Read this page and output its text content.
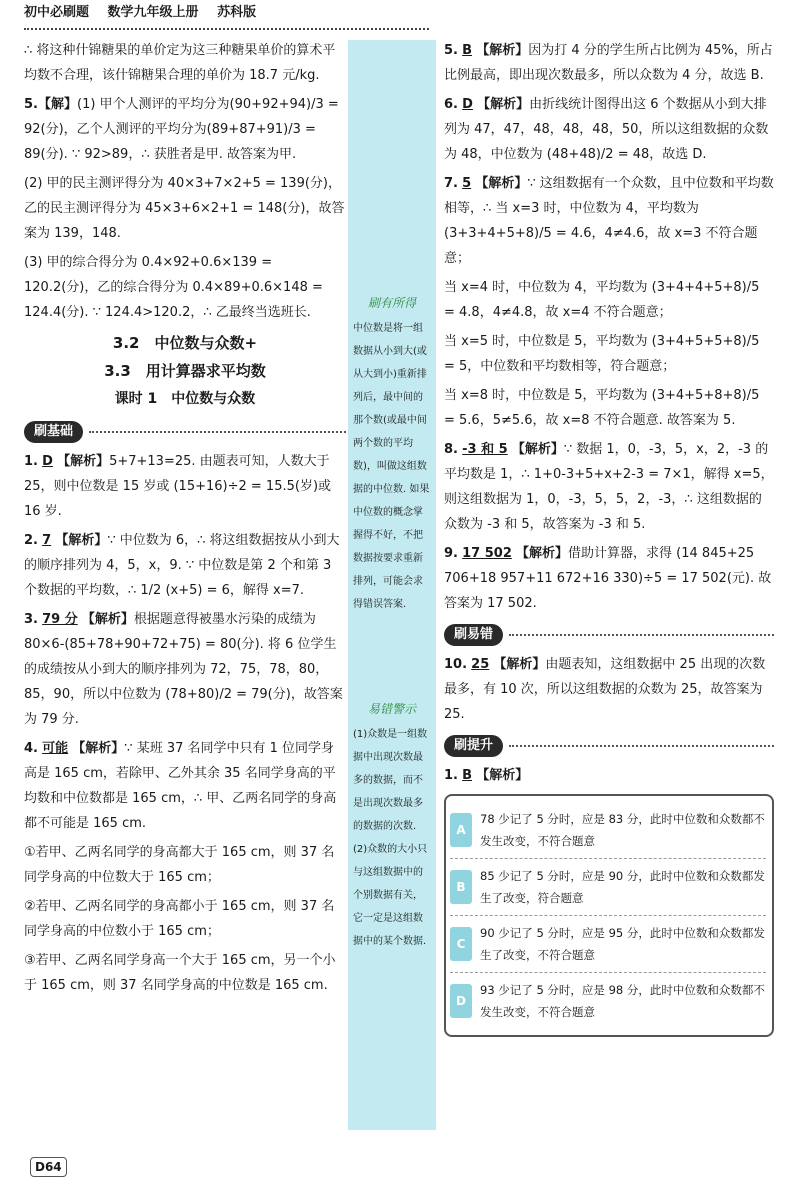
初中必刷题 数学九年级上册 苏科版

∴ 将这种什锦糖果的单价定为这三种糖果单价的算术平均数不合理，该什锦糖果合理的单价为 18.7 元/kg.

5.【解】(1) 甲个人测评的平均分为(90+92+94)/3 = 92(分)，乙个人测评的平均分为(89+87+91)/3 = 89(分). ∵ 92>89，∴ 获胜者是甲. 故答案为甲.

(2) 甲的民主测评得分为 40×3+7×2+5 = 139(分)，乙的民主测评得分为 45×3+6×2+1 = 148(分)，故答案为 139，148.

(3) 甲的综合得分为 0.4×92+0.6×139 = 120.2(分)，乙的综合得分为 0.4×89+0.6×148 = 124.4(分). ∵ 124.4>120.2，∴ 乙最终当选班长.

3.2　中位数与众数+
3.3　用计算器求平均数
课时 1　中位数与众数
刷基础

1. D 【解析】5+7+13=25. 由题表可知，人数大于 25，则中位数是 15 岁或 (15+16)÷2 = 15.5(岁)或 16 岁.

2. 7 【解析】∵ 中位数为 6，∴ 将这组数据按从小到大的顺序排列为 4，5，x，9. ∵ 中位数是第 2 个和第 3 个数据的平均数，∴ 1/2 (x+5) = 6，解得 x=7.

3. 79 分 【解析】根据题意得被墨水污染的成绩为 80×6-(85+78+90+72+75) = 80(分). 将 6 位学生的成绩按从小到大的顺序排列为 72，75，78，80，85，90，所以中位数为 (78+80)/2 = 79(分)，故答案为 79 分.

4. 可能 【解析】∵ 某班 37 名同学中只有 1 位同学身高是 165 cm，若除甲、乙外其余 35 名同学身高的平均数和中位数都是 165 cm，∴ 甲、乙两名同学的身高都不可能是 165 cm.

①若甲、乙两名同学的身高都大于 165 cm，则 37 名同学身高的中位数大于 165 cm；

②若甲、乙两名同学的身高都小于 165 cm，则 37 名同学身高的中位数小于 165 cm；

③若甲、乙两名同学身高一个大于 165 cm，另一个小于 165 cm，则 37 名同学身高的中位数是 165 cm.

刷有所得
中位数是将一组数据从小到大(或从大到小)重新排列后，最中间的那个数(或最中间两个数的平均数)，叫做这组数据的中位数. 如果中位数的概念掌握得不好，不把数据按要求重新排列，可能会求得错误答案.
易错警示
(1)众数是一组数据中出现次数最多的数据，而不是出现次数最多的数据的次数. (2)众数的大小只与这组数据中的个别数据有关，它一定是这组数据中的某个数据.

5. B 【解析】因为打 4 分的学生所占比例为 45%，所占比例最高，即出现次数最多，所以众数为 4 分，故选 B.

6. D 【解析】由折线统计图得出这 6 个数据从小到大排列为 47，47，48，48，48，50，所以这组数据的众数为 48，中位数为 (48+48)/2 = 48，故选 D.

7. 5 【解析】∵ 这组数据有一个众数，且中位数和平均数相等，∴ 当 x=3 时，中位数为 4，平均数为 (3+3+4+5+8)/5 = 4.6，4≠4.6，故 x=3 不符合题意；

当 x=4 时，中位数为 4，平均数为 (3+4+4+5+8)/5 = 4.8，4≠4.8，故 x=4 不符合题意；

当 x=5 时，中位数是 5，平均数为 (3+4+5+5+8)/5 = 5，中位数和平均数相等，符合题意；

当 x=8 时，中位数是 5，平均数为 (3+4+5+8+8)/5 = 5.6，5≠5.6，故 x=8 不符合题意. 故答案为 5.

8. -3 和 5 【解析】∵ 数据 1，0，-3，5，x，2，-3 的平均数是 1，∴ 1+0-3+5+x+2-3 = 7×1，解得 x=5，则这组数据为 1，0，-3，5，5，2，-3，∴ 这组数据的众数为 -3 和 5，故答案为 -3 和 5.

9. 17 502 【解析】借助计算器，求得 (14 845+25 706+18 957+11 672+16 330)÷5 = 17 502(元). 故答案为 17 502.

刷易错

10. 25 【解析】由题表知，这组数据中 25 出现的次数最多，有 10 次，所以这组数据的众数为 25，故答案为 25.

刷提升

1. B 【解析】

A
78 少记了 5 分时，应是 83 分，此时中位数和众数都不发生改变，不符合题意
B
85 少记了 5 分时，应是 90 分，此时中位数和众数都发生了改变，符合题意
C
90 少记了 5 分时，应是 95 分，此时中位数和众数都发生了改变，不符合题意
D
93 少记了 5 分时，应是 98 分，此时中位数和众数都不发生改变，不符合题意
D64
